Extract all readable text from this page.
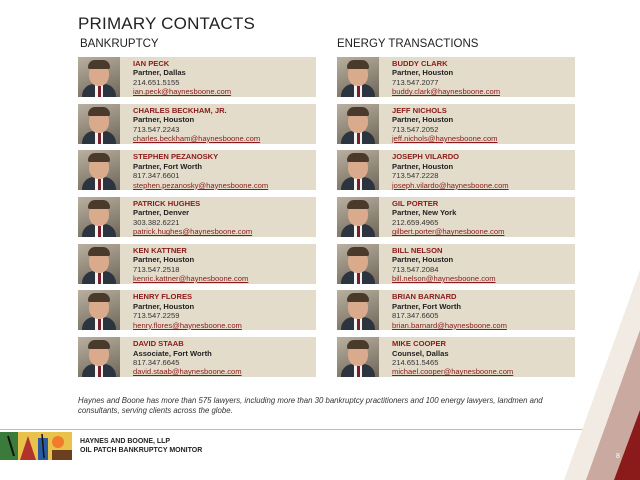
PRIMARY CONTACTS
BANKRUPTCY	ENERGY TRANSACTIONS
IAN PECK
Partner, Dallas
214.651.5155
ian.peck@haynesboone.com
CHARLES BECKHAM, JR.
Partner, Houston
713.547.2243
charles.beckham@haynesboone.com
STEPHEN PEZANOSKY
Partner, Fort Worth
817.347.6601
stephen.pezanosky@haynesboone.com
PATRICK HUGHES
Partner, Denver
303.382.6221
patrick.hughes@haynesboone.com
KEN KATTNER
Partner, Houston
713.547.2518
kenric.kattner@haynesboone.com
HENRY FLORES
Partner, Houston
713.547.2259
henry.flores@haynesboone.com
DAVID STAAB
Associate, Fort Worth
817.347.6645
david.staab@haynesboone.com
BUDDY CLARK
Partner, Houston
713.547.2077
buddy.clark@haynesboone.com
JEFF NICHOLS
Partner, Houston
713.547.2052
jeff.nichols@haynesboone.com
JOSEPH VILARDO
Partner, Houston
713.547.2228
joseph.vilardo@haynesboone.com
GIL PORTER
Partner, New York
212.659.4965
gilbert.porter@haynesboone.com
BILL NELSON
Partner, Houston
713.547.2084
bill.nelson@haynesboone.com
BRIAN BARNARD
Partner, Fort Worth
817.347.6605
brian.barnard@haynesboone.com
MIKE COOPER
Counsel, Dallas
214.651.5465
michael.cooper@haynesboone.com
Haynes and Boone has more than 575 lawyers, including more than 30 bankruptcy practitioners and 100 energy lawyers, landmen and consultants, serving clients across the globe.
HAYNES AND BOONE, LLP
OIL PATCH BANKRUPTCY MONITOR
8
